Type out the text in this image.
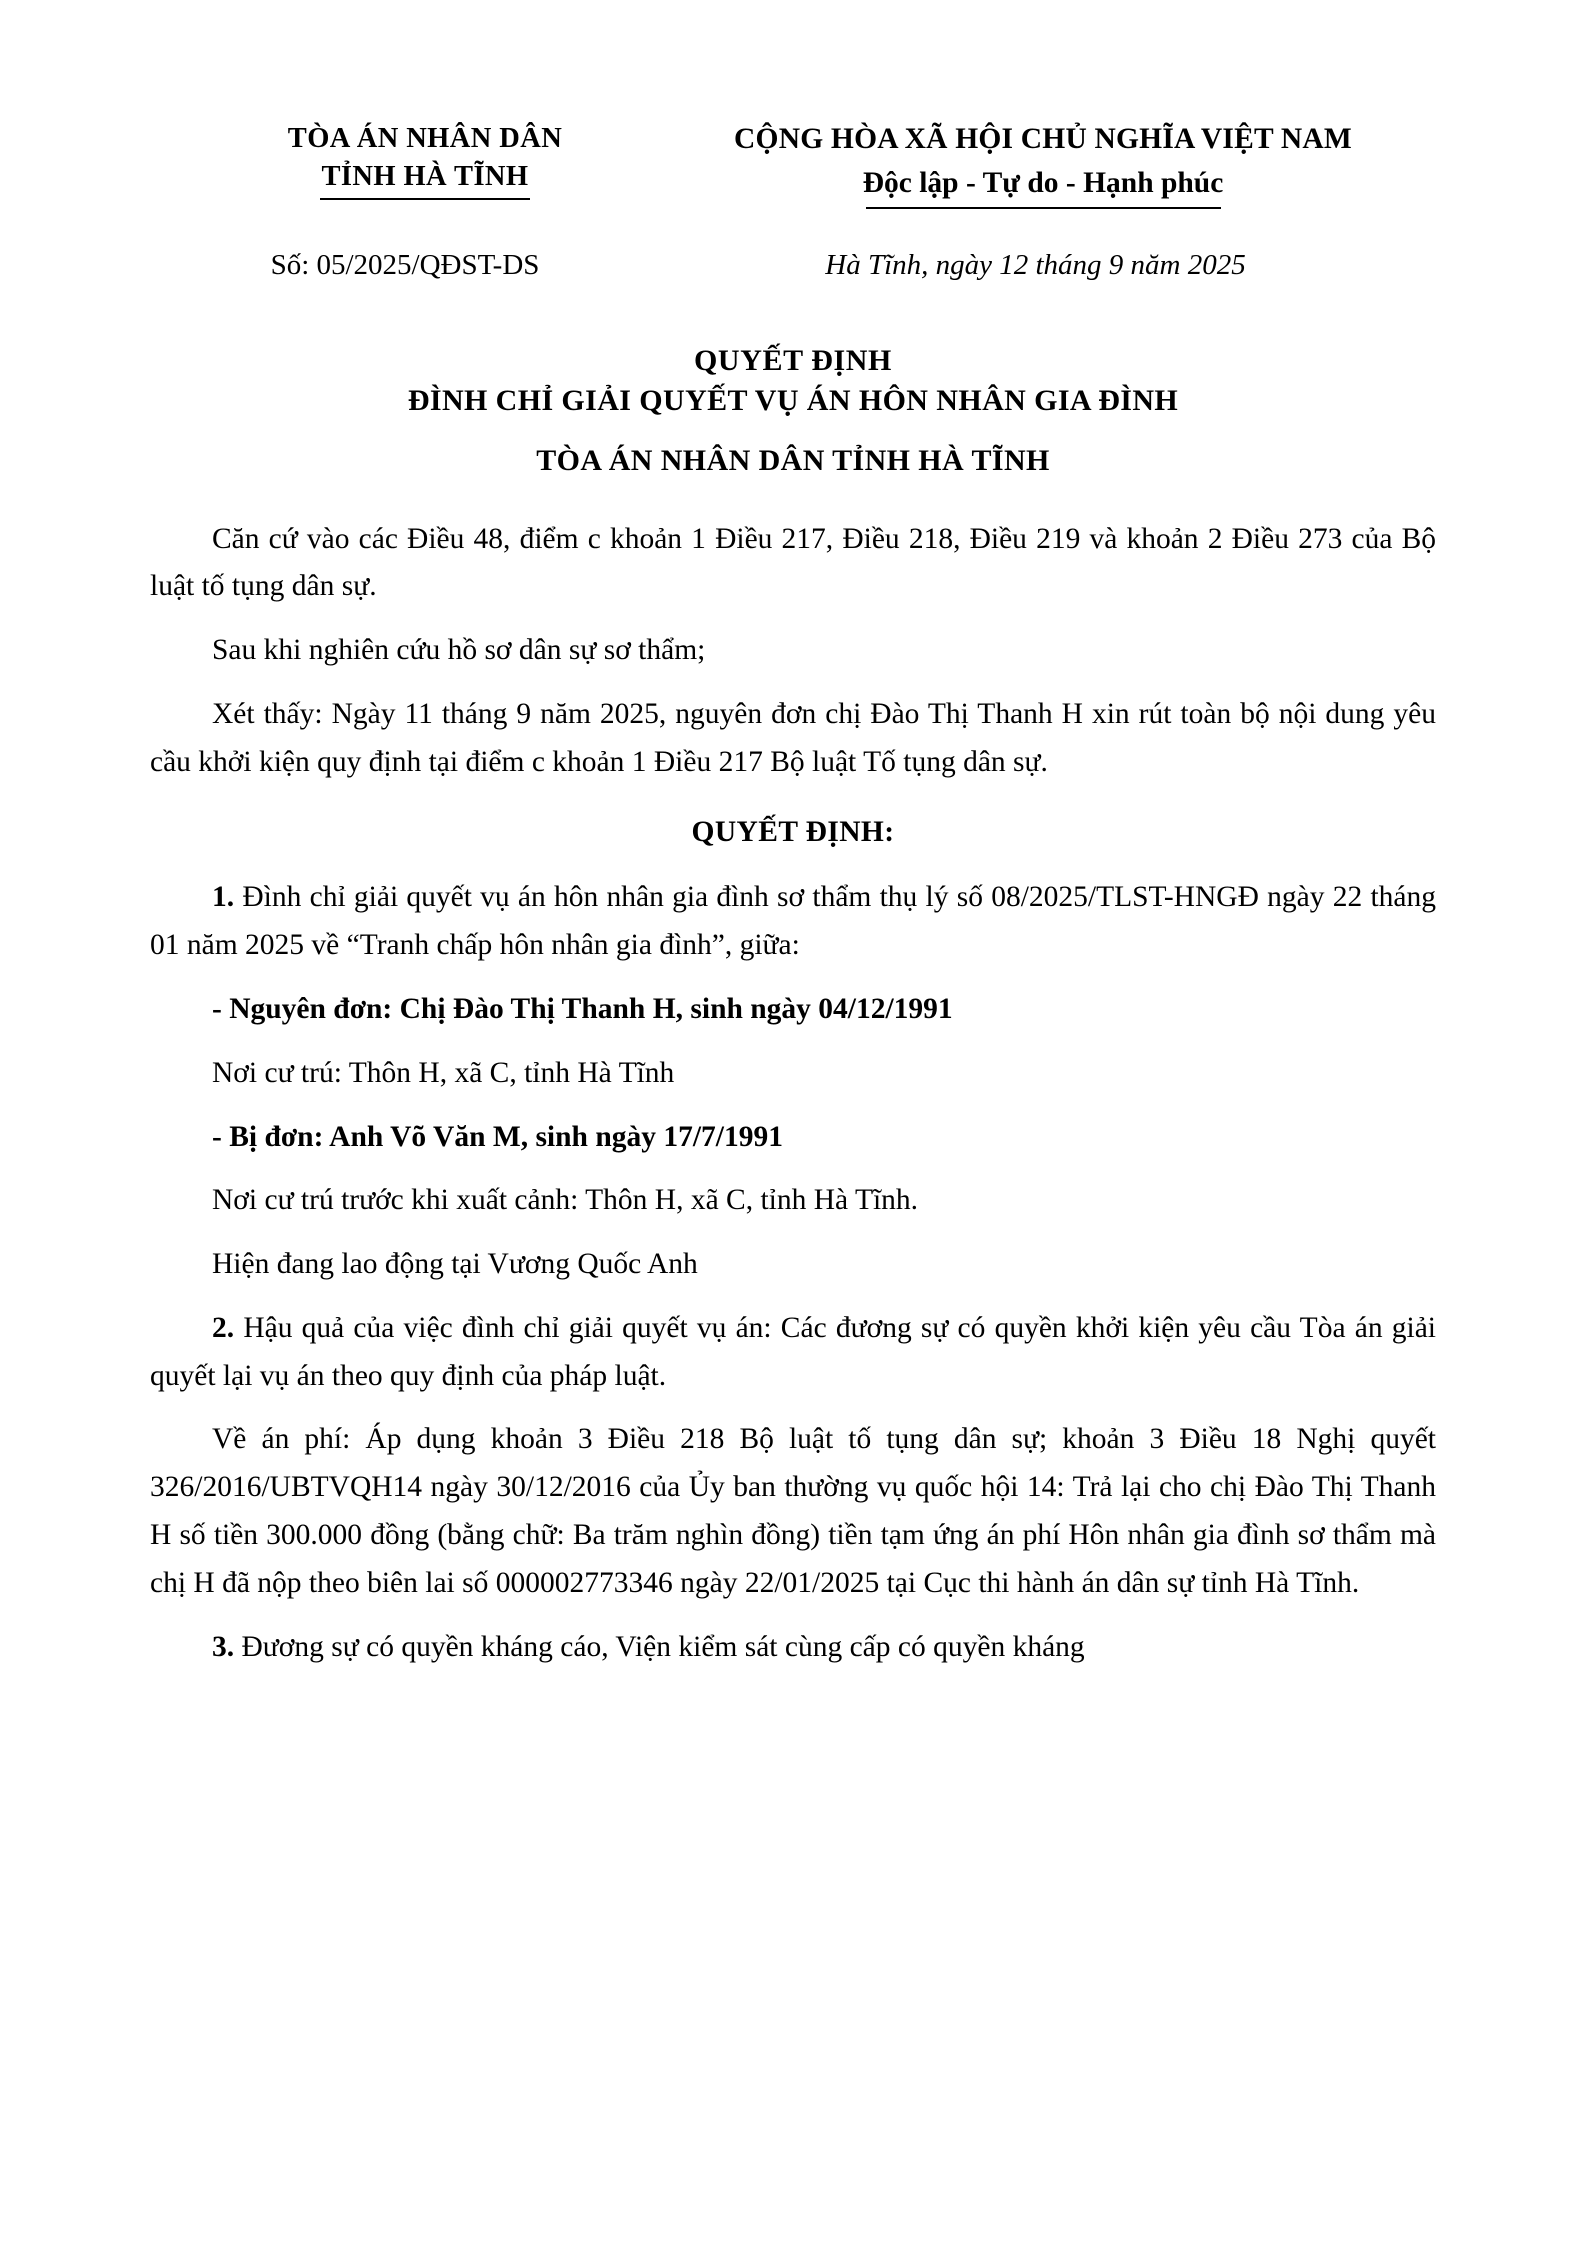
TÒA ÁN NHÂN DÂN
TỈNH HÀ TĨNH
CỘNG HÒA XÃ HỘI CHỦ NGHĨA VIỆT NAM
Độc lập - Tự do - Hạnh phúc
Số: 05/2025/QĐST-DS	Hà Tĩnh, ngày 12 tháng 9 năm 2025
QUYẾT ĐỊNH
ĐÌNH CHỈ GIẢI QUYẾT VỤ ÁN HÔN NHÂN GIA ĐÌNH
TÒA ÁN NHÂN DÂN TỈNH HÀ TĨNH

Căn cứ vào các Điều 48, điểm c khoản 1 Điều 217, Điều 218, Điều 219 và khoản 2 Điều 273 của Bộ luật tố tụng dân sự.

Sau khi nghiên cứu hồ sơ dân sự sơ thẩm;

Xét thấy: Ngày 11 tháng 9 năm 2025, nguyên đơn chị Đào Thị Thanh H xin rút toàn bộ nội dung yêu cầu khởi kiện quy định tại điểm c khoản 1 Điều 217 Bộ luật Tố tụng dân sự.

QUYẾT ĐỊNH:

1. Đình chỉ giải quyết vụ án hôn nhân gia đình sơ thẩm thụ lý số 08/2025/TLST-HNGĐ ngày 22 tháng 01 năm 2025 về “Tranh chấp hôn nhân gia đình”, giữa:

- Nguyên đơn: Chị Đào Thị Thanh H, sinh ngày 04/12/1991

Nơi cư trú: Thôn H, xã C, tỉnh Hà Tĩnh

- Bị đơn: Anh Võ Văn M, sinh ngày 17/7/1991

Nơi cư trú trước khi xuất cảnh: Thôn H, xã C, tỉnh Hà Tĩnh.

Hiện đang lao động tại Vương Quốc Anh

2. Hậu quả của việc đình chỉ giải quyết vụ án: Các đương sự có quyền khởi kiện yêu cầu Tòa án giải quyết lại vụ án theo quy định của pháp luật.

Về án phí: Áp dụng khoản 3 Điều 218 Bộ luật tố tụng dân sự; khoản 3 Điều 18 Nghị quyết 326/2016/UBTVQH14 ngày 30/12/2016 của Ủy ban thường vụ quốc hội 14: Trả lại cho chị Đào Thị Thanh H số tiền 300.000 đồng (bằng chữ: Ba trăm nghìn đồng) tiền tạm ứng án phí Hôn nhân gia đình sơ thẩm mà chị H đã nộp theo biên lai số 000002773346 ngày 22/01/2025 tại Cục thi hành án dân sự tỉnh Hà Tĩnh.

3. Đương sự có quyền kháng cáo, Viện kiểm sát cùng cấp có quyền kháng
